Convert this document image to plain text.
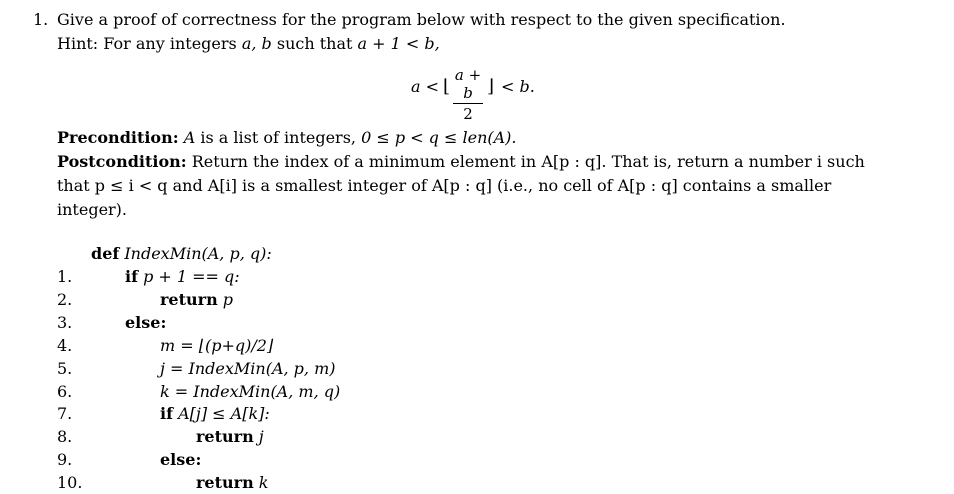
1. Give a proof of correctness for the program below with respect to the given specification.
Hint: For any integers a, b such that a + 1 < b,
a < ⌊
a + b
2
⌋ < b.
Precondition: A is a list of integers, 0 ≤ p < q ≤ len(A).
Postcondition: Return the index of a minimum element in A[p : q]. That is, return a number i such
that p ≤ i < q and A[i] is a smallest integer of A[p : q] (i.e., no cell of A[p : q] contains a smaller
integer).
def IndexMin(A, p, q):
1.	if p + 1 == q:
2.	return p
3.	else:
4.	m = ⌊(p+q)/2⌋
5.	j = IndexMin(A, p, m)
6.	k = IndexMin(A, m, q)
7.	if A[j] ≤ A[k]:
8.	return j
9.	else:
10.	return k
